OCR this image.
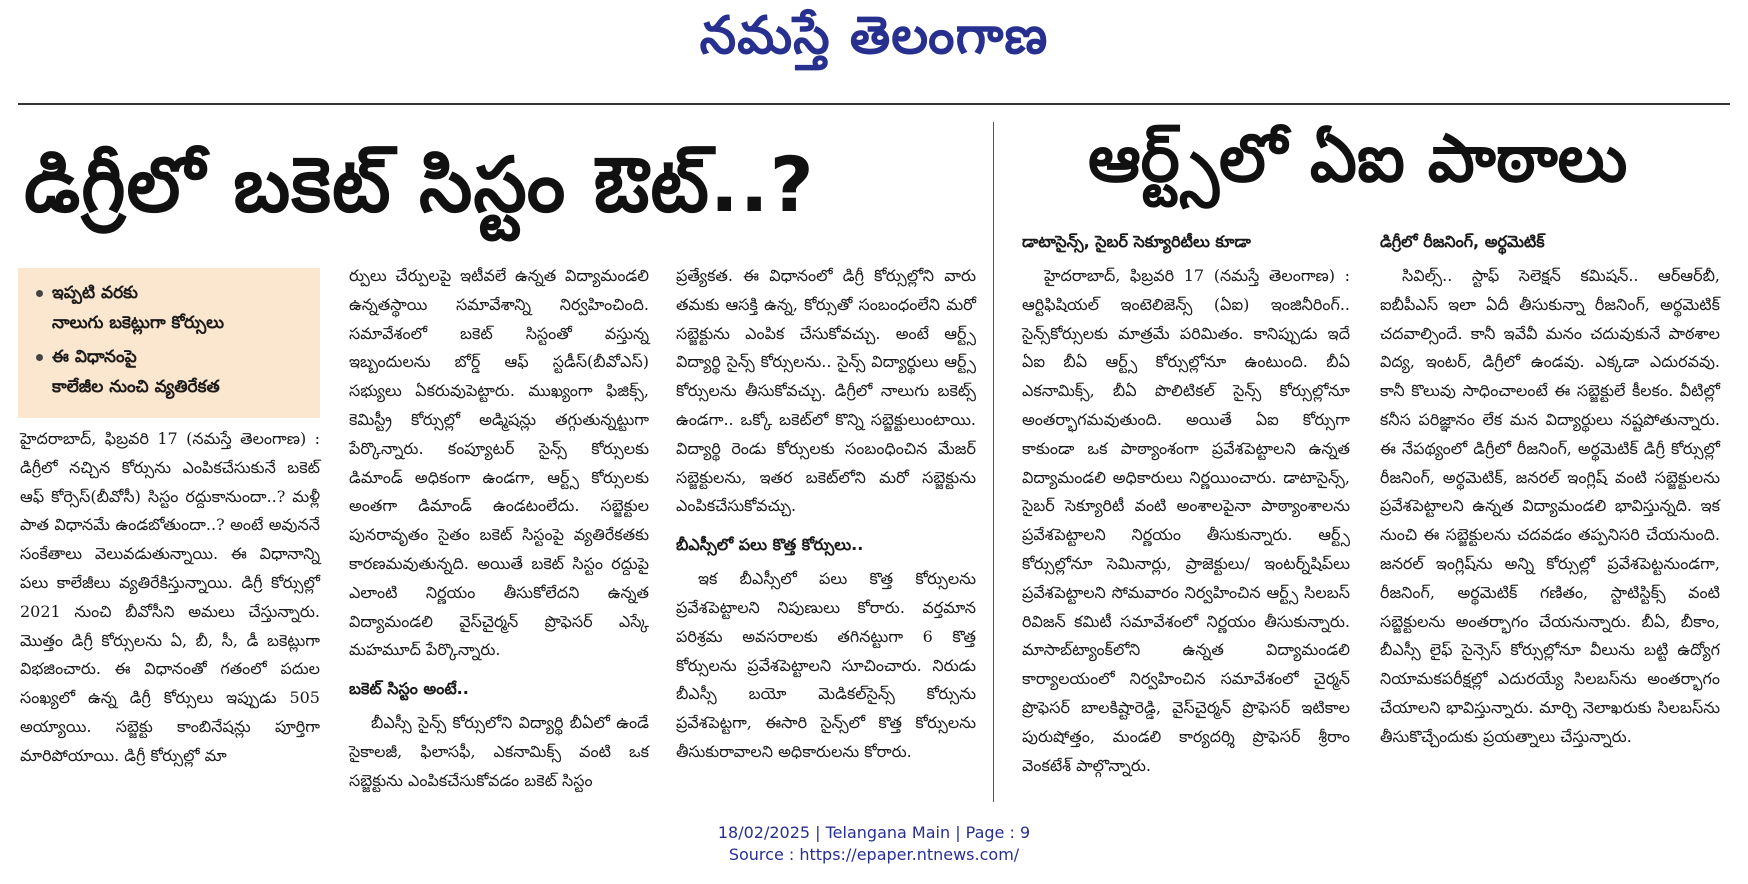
నమస్తే తెలంగాణ
డిగ్రీలో బకెట్ సిస్టం ఔట్..?	ఆర్ట్స్‌లో ఏఐ పాఠాలు
ఇప్పటి వరకు
నాలుగు బకెట్లుగా కోర్సులు
ఈ విధానంపై
కాలేజీల నుంచి వ్యతిరేకత

హైదరాబాద్, ఫిబ్రవరి 17 (నమస్తే తెలంగాణ) : డిగ్రీలో నచ్చిన కోర్సును ఎంపికచేసుకునే బకెట్ ఆఫ్ కోర్సెస్(బీవోసీ) సిస్టం రద్దుకానుందా..? మళ్లీ పాత విధానమే ఉండబోతుందా..? అంటే అవుననే సంకేతాలు వెలువడుతున్నాయి. ఈ విధానాన్ని పలు కాలేజీలు వ్యతిరేకిస్తున్నాయి. డిగ్రీ కోర్సుల్లో 2021 నుంచి బీవోసీని అమలు చేస్తున్నారు. మొత్తం డిగ్రీ కోర్సులను ఏ, బీ, సీ, డీ బకెట్లుగా విభజించారు. ఈ విధానంతో గతంలో పదుల సంఖ్యలో ఉన్న డిగ్రీ కోర్సులు ఇప్పుడు 505 అయ్యాయి. సబ్జెక్టు కాంబినేషన్లు పూర్తిగా మారిపోయాయి. డిగ్రీ కోర్సుల్లో మా

ర్పులు చేర్పులపై ఇటీవలే ఉన్నత విద్యామండలి ఉన్నతస్థాయి సమావేశాన్ని నిర్వహించింది. సమావేశంలో బకెట్ సిస్టంతో వస్తున్న ఇబ్బందులను బోర్డ్ ఆఫ్ స్టడీస్(బీవోఎస్) సభ్యులు ఏకరువుపెట్టారు. ముఖ్యంగా ఫిజిక్స్, కెమిస్ట్రీ కోర్సుల్లో అడ్మిషన్లు తగ్గుతున్నట్టుగా పేర్కొన్నారు. కంప్యూటర్ సైన్స్ కోర్సులకు డిమాండ్ అధికంగా ఉండగా, ఆర్ట్స్ కోర్సులకు అంతగా డిమాండ్ ఉండటంలేదు. సబ్జెక్టుల పునరావృతం సైతం బకెట్ సిస్టంపై వ్యతిరేకతకు కారణమవుతున్నది. అయితే బకెట్ సిస్టం రద్దుపై ఎలాంటి నిర్ణయం తీసుకోలేదని ఉన్నత విద్యామండలి వైస్‌చైర్మన్ ప్రొఫెసర్ ఎస్కే మహమూద్ పేర్కొన్నారు.

బకెట్ సిస్టం అంటే..

బీఎస్సీ సైన్స్ కోర్సులోని విద్యార్థి బీఏలో ఉండే సైకాలజీ, ఫిలాసఫీ, ఎకనామిక్స్ వంటి ఒక సబ్జెక్టును ఎంపికచేసుకోవడం బకెట్ సిస్టం

ప్రత్యేకత. ఈ విధానంలో డిగ్రీ కోర్సుల్లోని వారు తమకు ఆసక్తి ఉన్న, కోర్సుతో సంబంధంలేని మరో సబ్జెక్టును ఎంపిక చేసుకోవచ్చు. అంటే ఆర్ట్స్ విద్యార్థి సైన్స్ కోర్సులను.. సైన్స్ విద్యార్థులు ఆర్ట్స్ కోర్సులను తీసుకోవచ్చు. డిగ్రీలో నాలుగు బకెట్స్ ఉండగా.. ఒక్కో బకెట్‌లో కొన్ని సబ్జెక్టులుంటాయి. విద్యార్థి రెండు కోర్సులకు సంబంధించిన మేజర్ సబ్జెక్టులను, ఇతర బకెట్‌లోని మరో సబ్జెక్టును ఎంపికచేసుకోవచ్చు.

బీఎస్సీలో పలు కొత్త కోర్సులు..

ఇక బీఎస్సీలో పలు కొత్త కోర్సులను ప్రవేశపెట్టాలని నిపుణులు కోరారు. వర్తమాన పరిశ్రమ అవసరాలకు తగినట్టుగా 6 కొత్త కోర్సులను ప్రవేశపెట్టాలని సూచించారు. నిరుడు బీఎస్సీ బయో మెడికల్‌సైన్స్ కోర్సును ప్రవేశపెట్టగా, ఈసారి సైన్స్‌లో కొత్త కోర్సులను తీసుకురావాలని అధికారులను కోరారు.

డాటాసైన్స్, సైబర్ సెక్యూరిటీలు కూడా

హైదరాబాద్, ఫిబ్రవరి 17 (నమస్తే తెలంగాణ) : ఆర్టిఫిషియల్ ఇంటెలిజెన్స్ (ఏఐ) ఇంజినీరింగ్.. సైన్స్‌కోర్సులకు మాత్రమే పరిమితం. కానిప్పుడు ఇదే ఏఐ బీఏ ఆర్ట్స్ కోర్సుల్లోనూ ఉంటుంది. బీఏ ఎకనామిక్స్, బీఏ పొలిటికల్ సైన్స్ కోర్సుల్లోనూ అంతర్భాగమవుతుంది. అయితే ఏఐ కోర్సుగా కాకుండా ఒక పాఠ్యాంశంగా ప్రవేశపెట్టాలని ఉన్నత విద్యామండలి అధికారులు నిర్ణయించారు. డాటాసైన్స్, సైబర్ సెక్యూరిటీ వంటి అంశాలపైనా పాఠ్యాంశాలను ప్రవేశపెట్టాలని నిర్ణయం తీసుకున్నారు. ఆర్ట్స్ కోర్సుల్లోనూ సెమినార్లు, ప్రాజెక్టులు/ ఇంటర్న్‌షిప్‌లు ప్రవేశపెట్టాలని సోమవారం నిర్వహించిన ఆర్ట్స్ సిలబస్ రివిజన్ కమిటీ సమావేశంలో నిర్ణయం తీసుకున్నారు. మాసాబ్‌ట్యాంక్‌లోని ఉన్నత విద్యామండలి కార్యాలయంలో నిర్వహించిన సమావేశంలో చైర్మన్ ప్రొఫెసర్ బాలకిష్టారెడ్డి, వైస్‌చైర్మన్ ప్రొఫెసర్ ఇటికాల పురుషోత్తం, మండలి కార్యదర్శి ప్రొఫెసర్ శ్రీరాం వెంకటేశ్ పాల్గొన్నారు.

డిగ్రీలో రీజనింగ్, అర్థమెటిక్

సివిల్స్.. స్టాఫ్ సెలెక్షన్ కమిషన్.. ఆర్‌ఆర్‌బీ, ఐబీపీఎస్ ఇలా ఏదీ తీసుకున్నా రీజనింగ్, అర్థమెటిక్ చదవాల్సిందే. కానీ ఇవేవీ మనం చదువుకునే పాఠశాల విద్య, ఇంటర్, డిగ్రీలో ఉండవు. ఎక్కడా ఎదురవవు. కానీ కొలువు సాధించాలంటే ఈ సబ్జెక్టులే కీలకం. వీటిల్లో కనీస పరిజ్ఞానం లేక మన విద్యార్థులు నష్టపోతున్నారు. ఈ నేపథ్యంలో డిగ్రీలో రీజనింగ్, అర్థమెటిక్ డిగ్రీ కోర్సుల్లో రీజనింగ్, అర్థమెటిక్, జనరల్ ఇంగ్లిష్ వంటి సబ్జెక్టులను ప్రవేశపెట్టాలని ఉన్నత విద్యామండలి భావిస్తున్నది. ఇక నుంచి ఈ సబ్జెక్టులను చదవడం తప్పనిసరి చేయనుంది. జనరల్ ఇంగ్లిష్‌ను అన్ని కోర్సుల్లో ప్రవేశపెట్టనుండగా, రీజనింగ్, అర్థమెటిక్ గణితం, స్టాటిస్టిక్స్ వంటి సబ్జెక్టులను అంతర్భాగం చేయనున్నారు. బీఏ, బీకాం, బీఎస్సీ లైఫ్ సైన్సెస్ కోర్సుల్లోనూ వీలును బట్టి ఉద్యోగ నియామకపరీక్షల్లో ఎదురయ్యే సిలబస్‌ను అంతర్భాగం చేయాలని భావిస్తున్నారు. మార్చి నెలాఖరుకు సిలబస్‌ను తీసుకొచ్చేందుకు ప్రయత్నాలు చేస్తున్నారు.

18/02/2025 | Telangana Main | Page : 9
Source : https://epaper.ntnews.com/
